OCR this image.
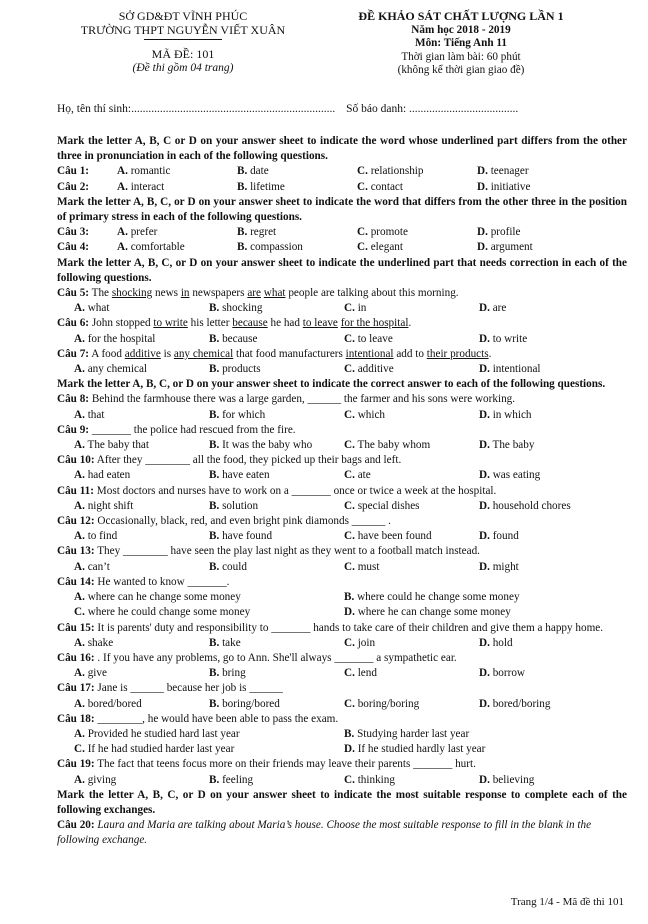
SỞ GD&ĐT VĨNH PHÚC
TRƯỜNG THPT NGUYỄN VIẾT XUÂN
MÃ ĐỀ: 101
(Đề thi gồm 04 trang)
ĐỀ KHẢO SÁT CHẤT LƯỢNG LẦN 1
Năm học 2018 - 2019
Môn: Tiếng Anh 11
Thời gian làm bài: 60 phút
(không kể thời gian giao đề)
Họ, tên thí sinh:....................................................................... Số báo danh: ......................................
Mark the letter A, B, C or D on your answer sheet to indicate the word whose underlined part differs from the other three in pronunciation in each of the following questions.
Câu 1:	A. romantic	B. date	C. relationship	D. teenager
Câu 2:	A. interact	B. lifetime	C. contact	D. initiative
Mark the letter A, B, C, or D on your answer sheet to indicate the word that differs from the other three in the position of primary stress in each of the following questions.
Câu 3:	A. prefer	B. regret	C. promote	D. profile
Câu 4:	A. comfortable	B. compassion	C. elegant	D. argument
Mark the letter A, B, C, or D on your answer sheet to indicate the underlined part that needs correction in each of the following questions.
Câu 5: The shocking news in newspapers are what people are talking about this morning.
A. what	B. shocking	C. in	D. are
Câu 6: John stopped to write his letter because he had to leave for the hospital.
A. for the hospital	B. because	C. to leave	D. to write
Câu 7: A food additive is any chemical that food manufacturers intentional add to their products.
A. any chemical	B. products	C. additive	D. intentional
Mark the letter A, B, C, or D on your answer sheet to indicate the correct answer to each of the following questions.
Câu 8: Behind the farmhouse there was a large garden, ______ the farmer and his sons were working.
A. that	B. for which	C. which	D. in which
Câu 9: _______ the police had rescued from the fire.
A. The baby that	B. It was the baby who	C. The baby whom	D. The baby
Câu 10: After they ________ all the food, they picked up their bags and left.
A. had eaten	B. have eaten	C. ate	D. was eating
Câu 11: Most doctors and nurses have to work on a _______ once or twice a week at the hospital.
A. night shift	B. solution	C. special dishes	D. household chores
Câu 12: Occasionally, black, red, and even bright pink diamonds ______ .
A. to find	B. have found	C. have been found	D. found
Câu 13: They ________ have seen the play last night as they went to a football match instead.
A. can’t	B. could	C. must	D. might
Câu 14: He wanted to know _______.
A. where can he change some money	B. where could he change some money
C. where he could change some money	D. where he can change some money
Câu 15: It is parents' duty and responsibility to _______ hands to take care of their children and give them a happy home.
A. shake	B. take	C. join	D. hold
Câu 16: . If you have any problems, go to Ann. She'll always _______ a sympathetic ear.
A. give	B. bring	C. lend	D. borrow
Câu 17: Jane is ______ because her job is ______
A. bored/bored	B. boring/bored	C. boring/boring	D. bored/boring
Câu 18: ________, he would have been able to pass the exam.
A. Provided he studied hard last year	B. Studying harder last year
C. If he had studied harder last year	D. If he studied hardly last year
Câu 19: The fact that teens focus more on their friends may leave their parents _______ hurt.
A. giving	B. feeling	C. thinking	D. believing
Mark the letter A, B, C, or D on your answer sheet to indicate the most suitable response to complete each of the following exchanges.
Câu 20: Laura and Maria are talking about Maria’s house. Choose the most suitable response to fill in the blank in the following exchange.
Trang 1/4 - Mã đề thi 101
